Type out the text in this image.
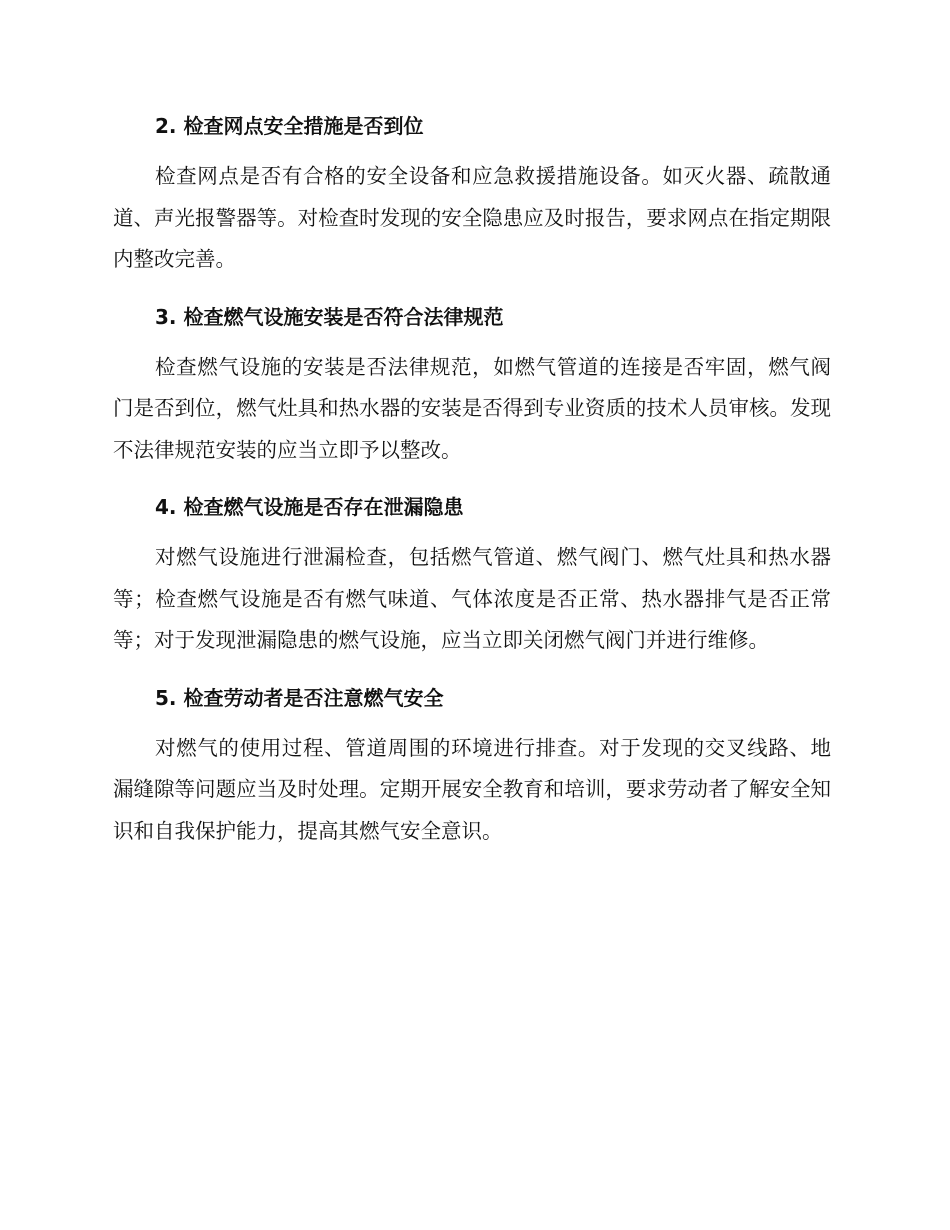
2. 检查网点安全措施是否到位

检查网点是否有合格的安全设备和应急救援措施设备。如灭火器、疏散通道、声光报警器等。对检查时发现的安全隐患应及时报告，要求网点在指定期限内整改完善。

3. 检查燃气设施安装是否符合法律规范

检查燃气设施的安装是否法律规范，如燃气管道的连接是否牢固，燃气阀门是否到位，燃气灶具和热水器的安装是否得到专业资质的技术人员审核。发现不法律规范安装的应当立即予以整改。

4. 检查燃气设施是否存在泄漏隐患

对燃气设施进行泄漏检查，包括燃气管道、燃气阀门、燃气灶具和热水器等；检查燃气设施是否有燃气味道、气体浓度是否正常、热水器排气是否正常等；对于发现泄漏隐患的燃气设施，应当立即关闭燃气阀门并进行维修。

5. 检查劳动者是否注意燃气安全

对燃气的使用过程、管道周围的环境进行排查。对于发现的交叉线路、地漏缝隙等问题应当及时处理。定期开展安全教育和培训，要求劳动者了解安全知识和自我保护能力，提高其燃气安全意识。
